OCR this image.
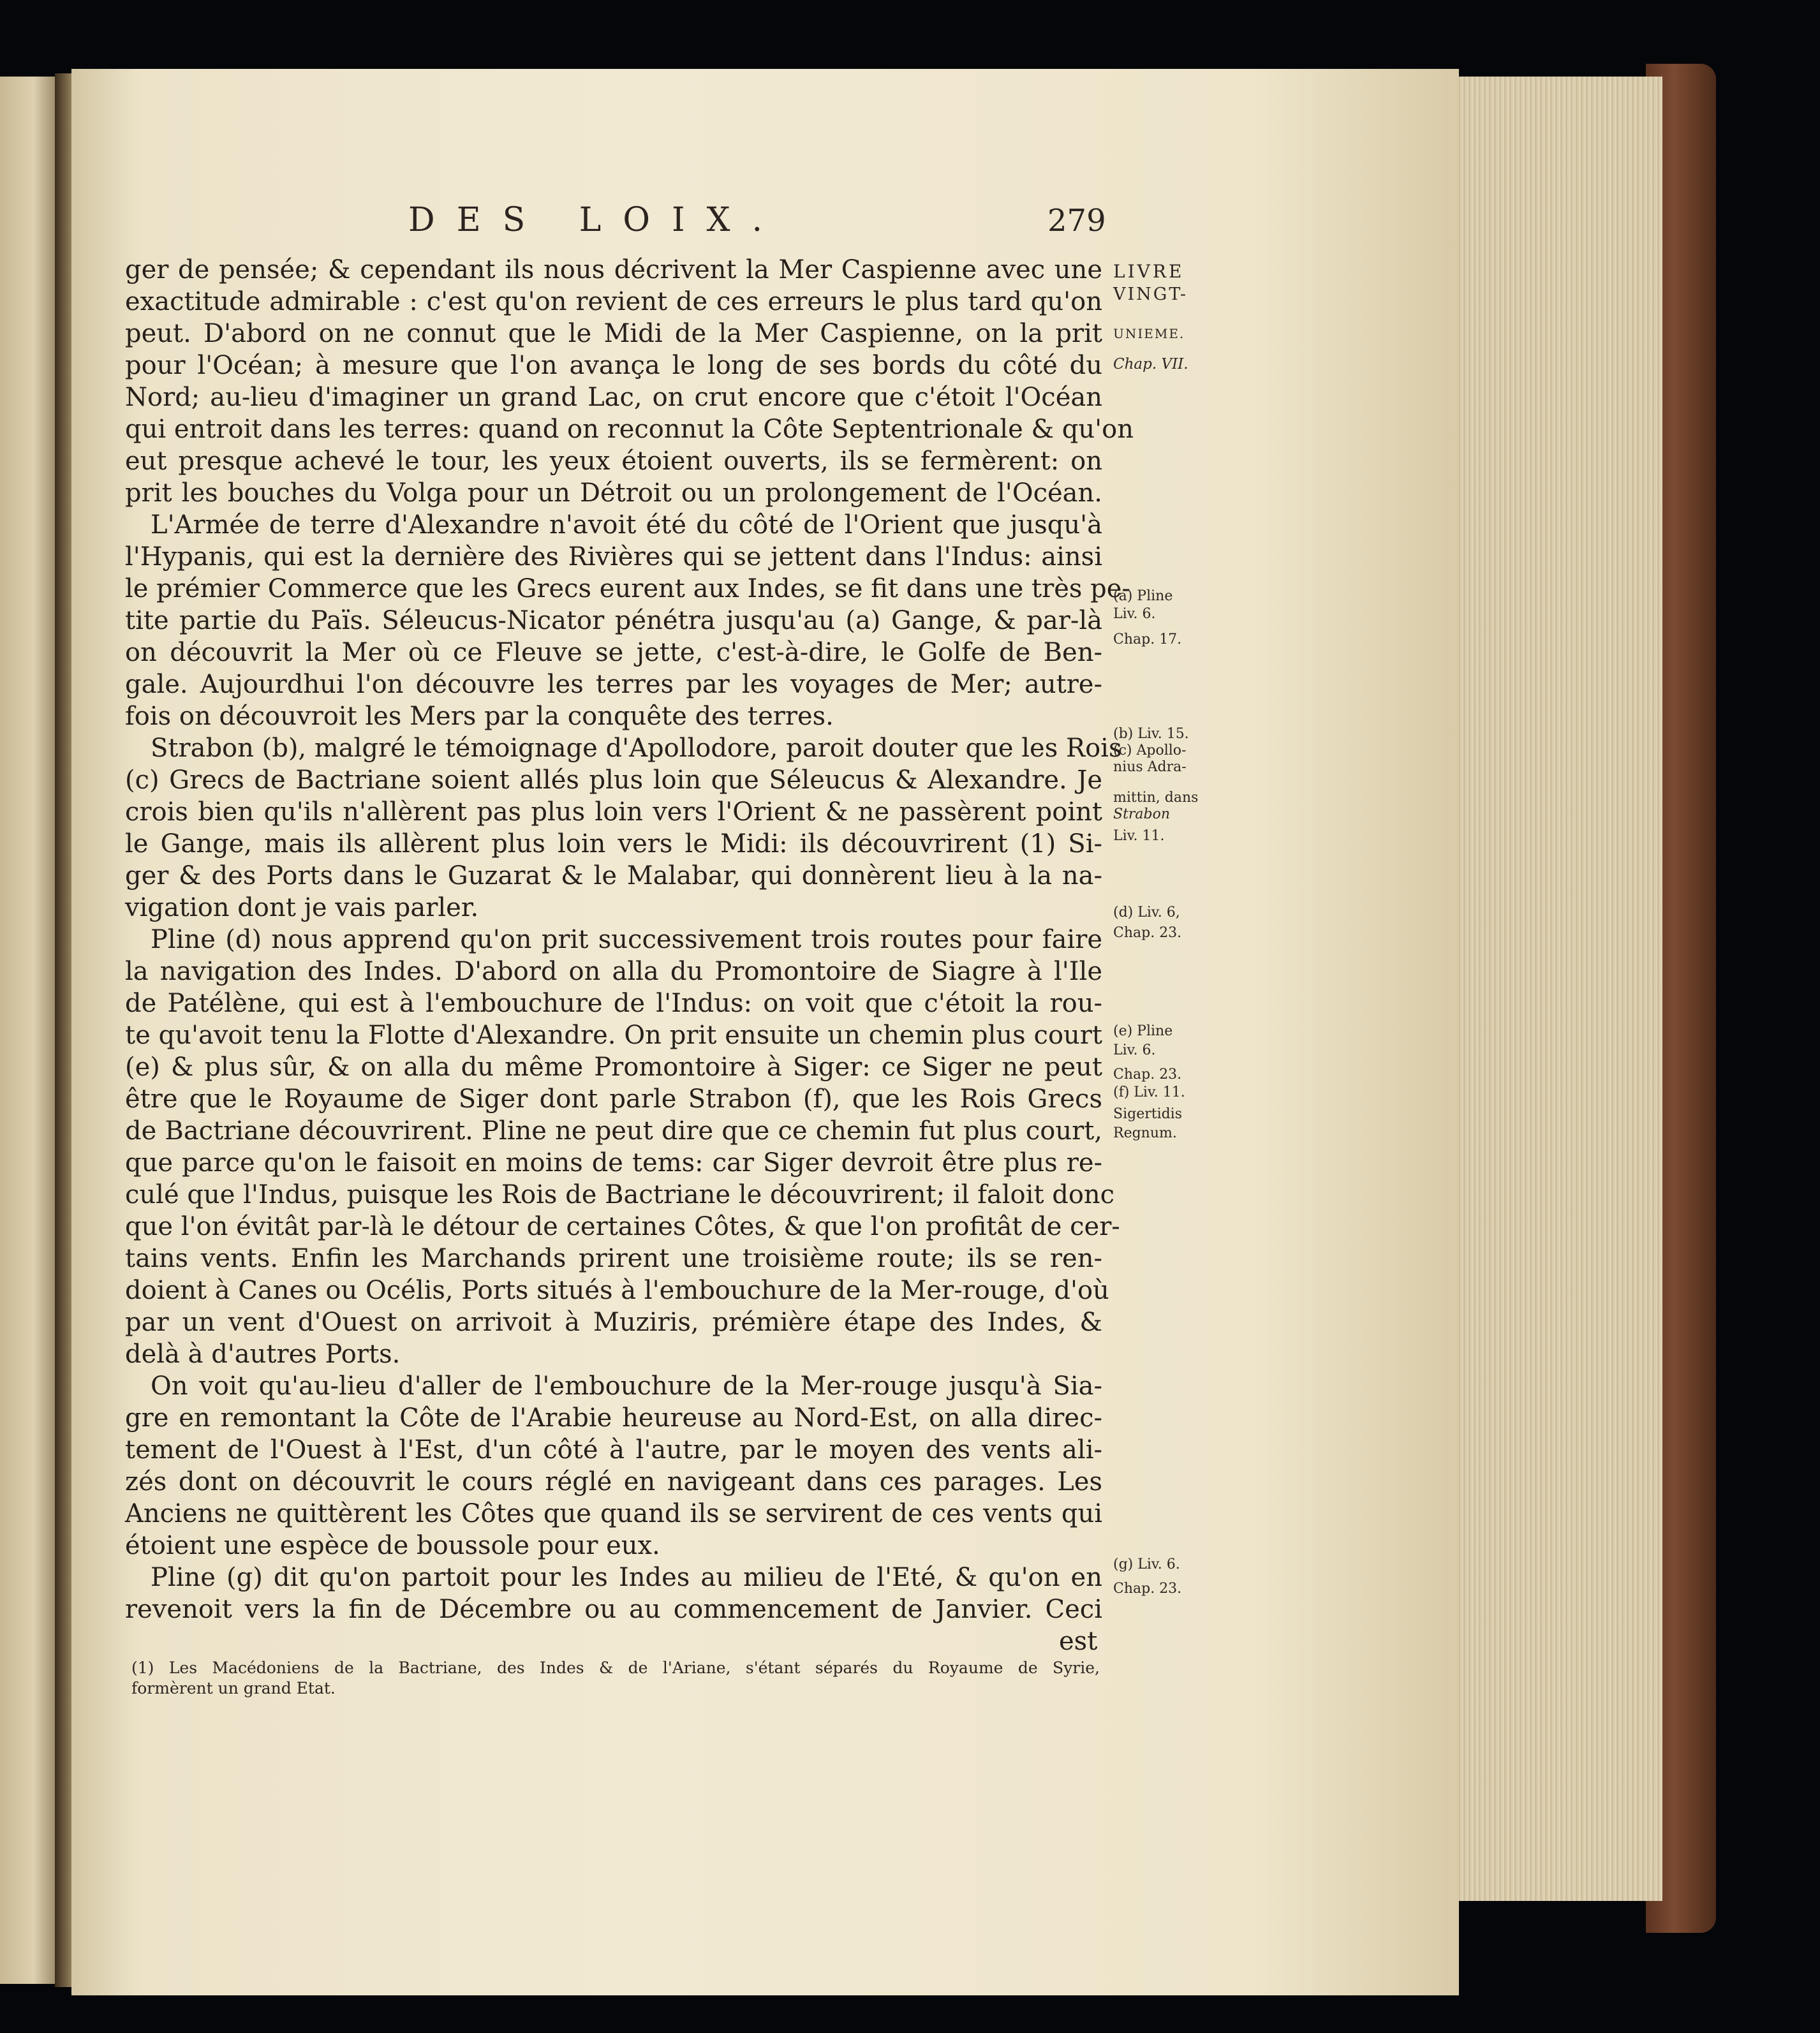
DES LOIX.	279
ger de pensée; & cependant ils nous décrivent la Mer Caspienne avec une
exactitude admirable : c'est qu'on revient de ces erreurs le plus tard qu'on
peut. D'abord on ne connut que le Midi de la Mer Caspienne, on la prit
pour l'Océan; à mesure que l'on avança le long de ses bords du côté du
Nord; au-lieu d'imaginer un grand Lac, on crut encore que c'étoit l'Océan
qui entroit dans les terres: quand on reconnut la Côte Septentrionale & qu'on
eut presque achevé le tour, les yeux étoient ouverts, ils se fermèrent: on
prit les bouches du Volga pour un Détroit ou un prolongement de l'Océan.
L'Armée de terre d'Alexandre n'avoit été du côté de l'Orient que jusqu'à
l'Hypanis, qui est la dernière des Rivières qui se jettent dans l'Indus: ainsi
le prémier Commerce que les Grecs eurent aux Indes, se fit dans une très pe-
tite partie du Païs. Séleucus-Nicator pénétra jusqu'au (a) Gange, & par-là
on découvrit la Mer où ce Fleuve se jette, c'est-à-dire, le Golfe de Ben-
gale. Aujourdhui l'on découvre les terres par les voyages de Mer; autre-
fois on découvroit les Mers par la conquête des terres.
Strabon (b), malgré le témoignage d'Apollodore, paroit douter que les Rois
(c) Grecs de Bactriane soient allés plus loin que Séleucus & Alexandre. Je
crois bien qu'ils n'allèrent pas plus loin vers l'Orient & ne passèrent point
le Gange, mais ils allèrent plus loin vers le Midi: ils découvrirent (1) Si-
ger & des Ports dans le Guzarat & le Malabar, qui donnèrent lieu à la na-
vigation dont je vais parler.
Pline (d) nous apprend qu'on prit successivement trois routes pour faire
la navigation des Indes. D'abord on alla du Promontoire de Siagre à l'Ile
de Patélène, qui est à l'embouchure de l'Indus: on voit que c'étoit la rou-
te qu'avoit tenu la Flotte d'Alexandre. On prit ensuite un chemin plus court
(e) & plus sûr, & on alla du même Promontoire à Siger: ce Siger ne peut
être que le Royaume de Siger dont parle Strabon (f), que les Rois Grecs
de Bactriane découvrirent. Pline ne peut dire que ce chemin fut plus court,
que parce qu'on le faisoit en moins de tems: car Siger devroit être plus re-
culé que l'Indus, puisque les Rois de Bactriane le découvrirent; il faloit donc
que l'on évitât par-là le détour de certaines Côtes, & que l'on profitât de cer-
tains vents. Enfin les Marchands prirent une troisième route; ils se ren-
doient à Canes ou Océlis, Ports situés à l'embouchure de la Mer-rouge, d'où
par un vent d'Ouest on arrivoit à Muziris, prémière étape des Indes, &
delà à d'autres Ports.
On voit qu'au-lieu d'aller de l'embouchure de la Mer-rouge jusqu'à Sia-
gre en remontant la Côte de l'Arabie heureuse au Nord-Est, on alla direc-
tement de l'Ouest à l'Est, d'un côté à l'autre, par le moyen des vents ali-
zés dont on découvrit le cours réglé en navigeant dans ces parages. Les
Anciens ne quittèrent les Côtes que quand ils se servirent de ces vents qui
étoient une espèce de boussole pour eux.
Pline (g) dit qu'on partoit pour les Indes au milieu de l'Eté, & qu'on en
revenoit vers la fin de Décembre ou au commencement de Janvier. Ceci
est
LIVRE
VINGT-
UNIEME.
Chap. VII.
(a) Pline
Liv. 6.
Chap. 17.
(b) Liv. 15.
(c) Apollo-
nius Adra-
mittin, dans
Strabon
Liv. 11.
(d) Liv. 6,
Chap. 23.
(e) Pline
Liv. 6.
Chap. 23.
(f) Liv. 11.
Sigertidis
Regnum.
(g) Liv. 6.
Chap. 23.
(1) Les Macédoniens de la Bactriane, des Indes & de l'Ariane, s'étant séparés du Royaume de Syrie,
formèrent un grand Etat.
